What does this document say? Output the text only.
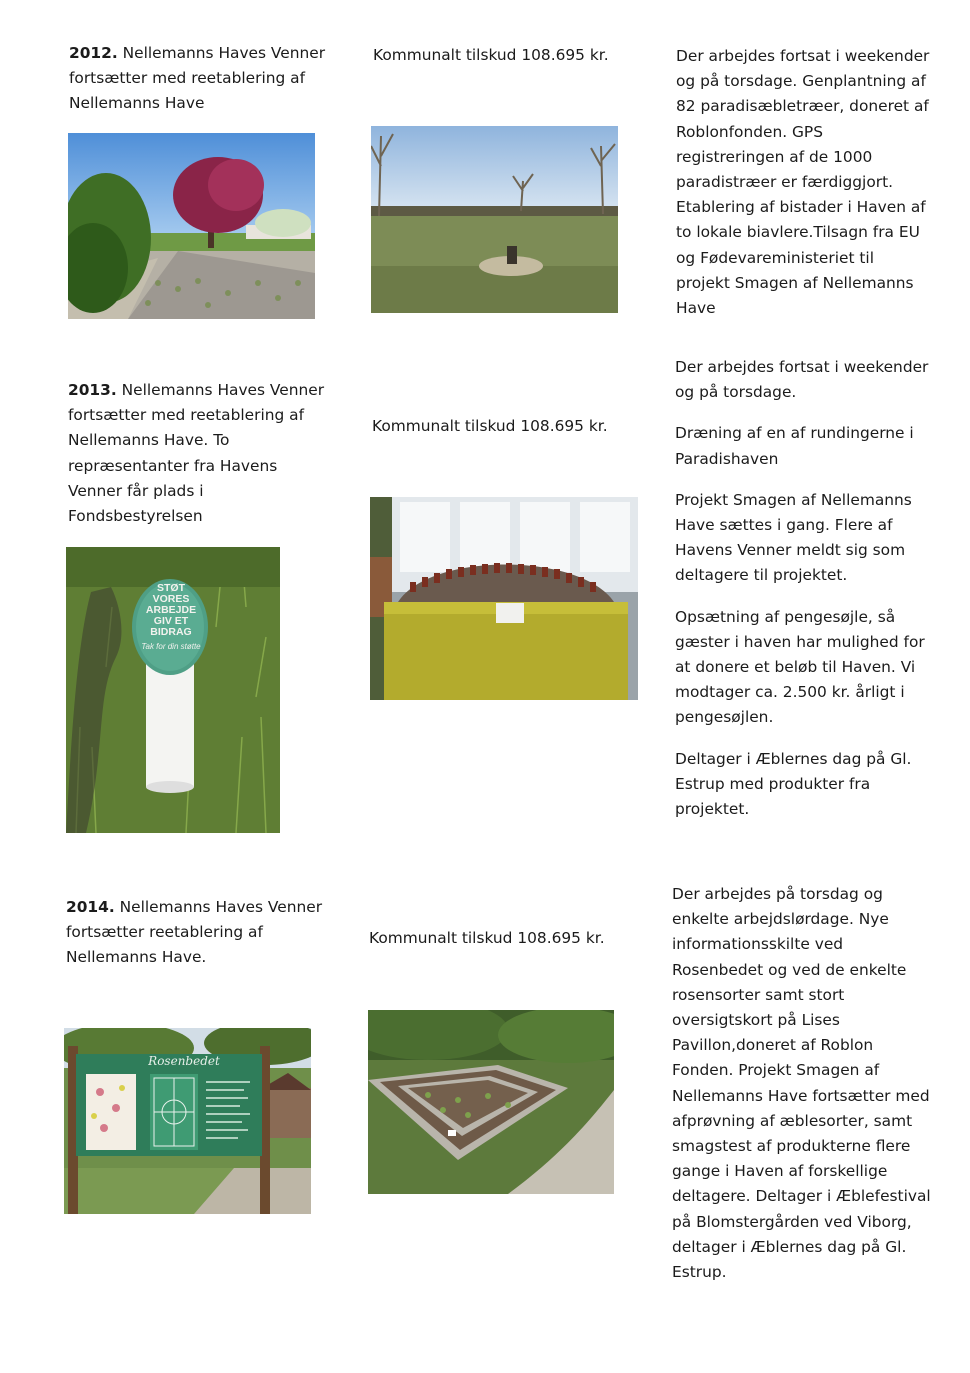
2012. Nellemanns Haves Venner fortsætter med reetablering af Nellemanns Have
Kommunalt tilskud 108.695 kr.	Der arbejdes fortsat i weekender og på torsdage. Genplantning af 82 paradisæbletræer, doneret af Roblonfonden. GPS registreringen af de 1000 paradistræer er færdiggjort. Etablering af bistader i Haven af to lokale biavlere.Tilsagn fra EU og Fødevareministeriet til projekt Smagen af Nellemanns Have

2013. Nellemanns Haves Venner fortsætter med reetablering af Nellemanns Have. To repræsentanter fra Havens Venner får plads i Fondsbestyrelsen
Kommunalt tilskud 108.695 kr.

Der arbejdes fortsat i weekender og på torsdage.

Dræning af en af rundingerne i Paradishaven

Projekt Smagen af Nellemanns Have sættes i gang. Flere af Havens Venner meldt sig som deltagere til projektet.

Opsætning af pengesøjle, så gæster i haven har mulighed for at donere et beløb til Haven. Vi modtager ca. 2.500 kr. årligt i pengesøjlen.

Deltager i Æblernes dag på Gl. Estrup med produkter fra projektet.

STØT
VORES
ARBEJDE
GIV ET
BIDRAG
Tak for din støtte
2014. Nellemanns Haves Venner fortsætter reetablering af Nellemanns Have.
Kommunalt tilskud 108.695 kr.

Der arbejdes på torsdag og enkelte arbejdslørdage. Nye informationsskilte ved Rosenbedet og ved de enkelte rosensorter samt stort oversigtskort på Lises Pavillon,doneret af Roblon Fonden. Projekt Smagen af Nellemanns Have fortsætter med afprøvning af æblesorter, samt smagstest af produkterne flere gange i Haven af forskellige deltagere. Deltager i Æblefestival på Blomstergården ved Viborg, deltager i Æblernes dag på Gl. Estrup.

Rosenbedet
